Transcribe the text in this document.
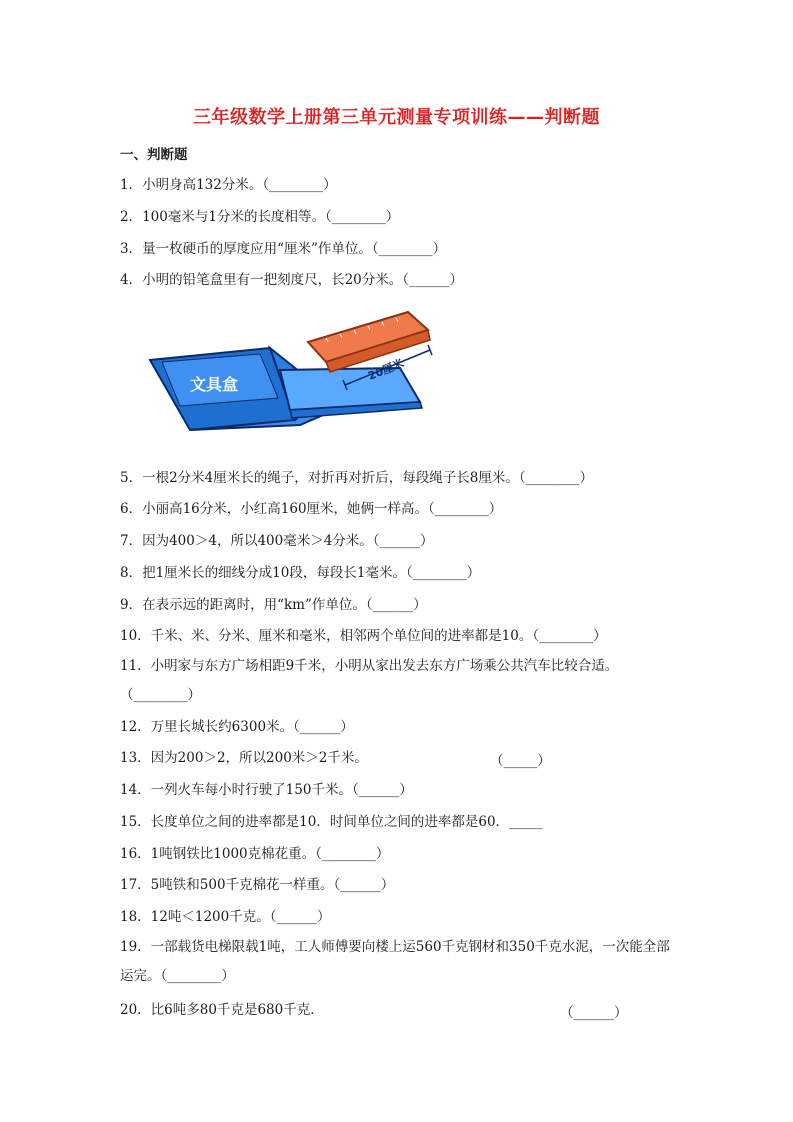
三年级数学上册第三单元测量专项训练——判断题
一、判断题
1．小明身高132分米。（________）
2．100毫米与1分米的长度相等。（________）
3．量一枚硬币的厚度应用“厘米”作单位。（________）
4．小明的铅笔盒里有一把刻度尺，长20分米。（______）
文具盒
20厘米
5．一根2分米4厘米长的绳子，对折再对折后，每段绳子长8厘米。（________）
6．小丽高16分米，小红高160厘米，她俩一样高。（________）
7．因为400＞4，所以400毫米＞4分米。（______）
8．把1厘米长的细线分成10段，每段长1毫米。（________）
9．在表示远的距离时，用“km”作单位。（______）
10．千米、米、分米、厘米和毫米，相邻两个单位间的进率都是10。（________）
11．小明家与东方广场相距9千米，小明从家出发去东方广场乘公共汽车比较合适。（________）
12．万里长城长约6300米。（______）
13．因为200＞2，所以200米＞2千米。	（_____）
14．一列火车每小时行驶了150千米。（______）
15．长度单位之间的进率都是10．时间单位之间的进率都是60．_____
16．1吨钢铁比1000克棉花重。（________）
17．5吨铁和500千克棉花一样重。（______）
18．12吨＜1200千克。（______）
19．一部载货电梯限载1吨，工人师傅要向楼上运560千克钢材和350千克水泥，一次能全部运完。（________）
20．比6吨多80千克是680千克．	（______）
